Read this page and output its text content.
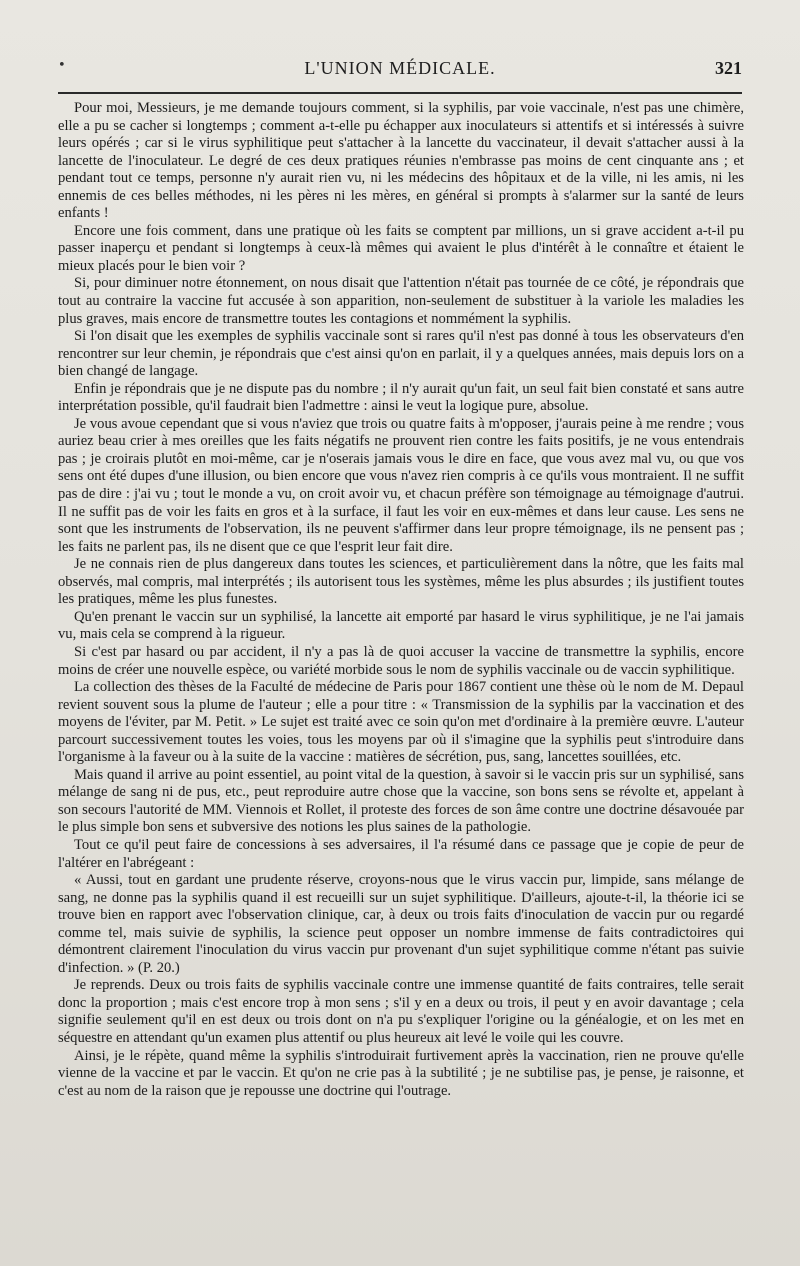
•	L'UNION MÉDICALE.	321

Pour moi, Messieurs, je me demande toujours comment, si la syphilis, par voie vaccinale, n'est pas une chimère, elle a pu se cacher si longtemps ; comment a-t-elle pu échapper aux inoculateurs si attentifs et si intéressés à suivre leurs opérés ; car si le virus syphilitique peut s'attacher à la lancette du vaccinateur, il devait s'attacher aussi à la lancette de l'inoculateur. Le degré de ces deux pratiques réunies n'embrasse pas moins de cent cinquante ans ; et pendant tout ce temps, personne n'y aurait rien vu, ni les médecins des hôpitaux et de la ville, ni les amis, ni les ennemis de ces belles méthodes, ni les pères ni les mères, en général si prompts à s'alarmer sur la santé de leurs enfants !

Encore une fois comment, dans une pratique où les faits se comptent par millions, un si grave accident a-t-il pu passer inaperçu et pendant si longtemps à ceux-là mêmes qui avaient le plus d'intérêt à le connaître et étaient le mieux placés pour le bien voir ?

Si, pour diminuer notre étonnement, on nous disait que l'attention n'était pas tournée de ce côté, je répondrais que tout au contraire la vaccine fut accusée à son apparition, non-seulement de substituer à la variole les maladies les plus graves, mais encore de transmettre toutes les contagions et nommément la syphilis.

Si l'on disait que les exemples de syphilis vaccinale sont si rares qu'il n'est pas donné à tous les observateurs d'en rencontrer sur leur chemin, je répondrais que c'est ainsi qu'on en parlait, il y a quelques années, mais depuis lors on a bien changé de langage.

Enfin je répondrais que je ne dispute pas du nombre ; il n'y aurait qu'un fait, un seul fait bien constaté et sans autre interprétation possible, qu'il faudrait bien l'admettre : ainsi le veut la logique pure, absolue.

Je vous avoue cependant que si vous n'aviez que trois ou quatre faits à m'opposer, j'aurais peine à me rendre ; vous auriez beau crier à mes oreilles que les faits négatifs ne prouvent rien contre les faits positifs, je ne vous entendrais pas ; je croirais plutôt en moi-même, car je n'oserais jamais vous le dire en face, que vous avez mal vu, ou que vos sens ont été dupes d'une illusion, ou bien encore que vous n'avez rien compris à ce qu'ils vous montraient. Il ne suffit pas de dire : j'ai vu ; tout le monde a vu, on croit avoir vu, et chacun préfère son témoignage au témoignage d'autrui. Il ne suffit pas de voir les faits en gros et à la surface, il faut les voir en eux-mêmes et dans leur cause. Les sens ne sont que les instruments de l'observation, ils ne peuvent s'affirmer dans leur propre témoignage, ils ne pensent pas ; les faits ne parlent pas, ils ne disent que ce que l'esprit leur fait dire.

Je ne connais rien de plus dangereux dans toutes les sciences, et particulièrement dans la nôtre, que les faits mal observés, mal compris, mal interprétés ; ils autorisent tous les systèmes, même les plus absurdes ; ils justifient toutes les pratiques, même les plus funestes.

Qu'en prenant le vaccin sur un syphilisé, la lancette ait emporté par hasard le virus syphilitique, je ne l'ai jamais vu, mais cela se comprend à la rigueur.

Si c'est par hasard ou par accident, il n'y a pas là de quoi accuser la vaccine de transmettre la syphilis, encore moins de créer une nouvelle espèce, ou variété morbide sous le nom de syphilis vaccinale ou de vaccin syphilitique.

La collection des thèses de la Faculté de médecine de Paris pour 1867 contient une thèse où le nom de M. Depaul revient souvent sous la plume de l'auteur ; elle a pour titre : « Transmission de la syphilis par la vaccination et des moyens de l'éviter, par M. Petit. » Le sujet est traité avec ce soin qu'on met d'ordinaire à la première œuvre. L'auteur parcourt successivement toutes les voies, tous les moyens par où il s'imagine que la syphilis peut s'introduire dans l'organisme à la faveur ou à la suite de la vaccine : matières de sécrétion, pus, sang, lancettes souillées, etc.

Mais quand il arrive au point essentiel, au point vital de la question, à savoir si le vaccin pris sur un syphilisé, sans mélange de sang ni de pus, etc., peut reproduire autre chose que la vaccine, son bons sens se révolte et, appelant à son secours l'autorité de MM. Viennois et Rollet, il proteste des forces de son âme contre une doctrine désavouée par le plus simple bon sens et subversive des notions les plus saines de la pathologie.

Tout ce qu'il peut faire de concessions à ses adversaires, il l'a résumé dans ce passage que je copie de peur de l'altérer en l'abrégeant :

« Aussi, tout en gardant une prudente réserve, croyons-nous que le virus vaccin pur, limpide, sans mélange de sang, ne donne pas la syphilis quand il est recueilli sur un sujet syphilitique. D'ailleurs, ajoute-t-il, la théorie ici se trouve bien en rapport avec l'observation clinique, car, à deux ou trois faits d'inoculation de vaccin pur ou regardé comme tel, mais suivie de syphilis, la science peut opposer un nombre immense de faits contradictoires qui démontrent clairement l'inoculation du virus vaccin pur provenant d'un sujet syphilitique comme n'étant pas suivie d'infection. » (P. 20.)

Je reprends. Deux ou trois faits de syphilis vaccinale contre une immense quantité de faits contraires, telle serait donc la proportion ; mais c'est encore trop à mon sens ; s'il y en a deux ou trois, il peut y en avoir davantage ; cela signifie seulement qu'il en est deux ou trois dont on n'a pu s'expliquer l'origine ou la généalogie, et on les met en séquestre en attendant qu'un examen plus attentif ou plus heureux ait levé le voile qui les couvre.

Ainsi, je le répète, quand même la syphilis s'introduirait furtivement après la vaccination, rien ne prouve qu'elle vienne de la vaccine et par le vaccin. Et qu'on ne crie pas à la subtilité ; je ne subtilise pas, je pense, je raisonne, et c'est au nom de la raison que je repousse une doctrine qui l'outrage.
